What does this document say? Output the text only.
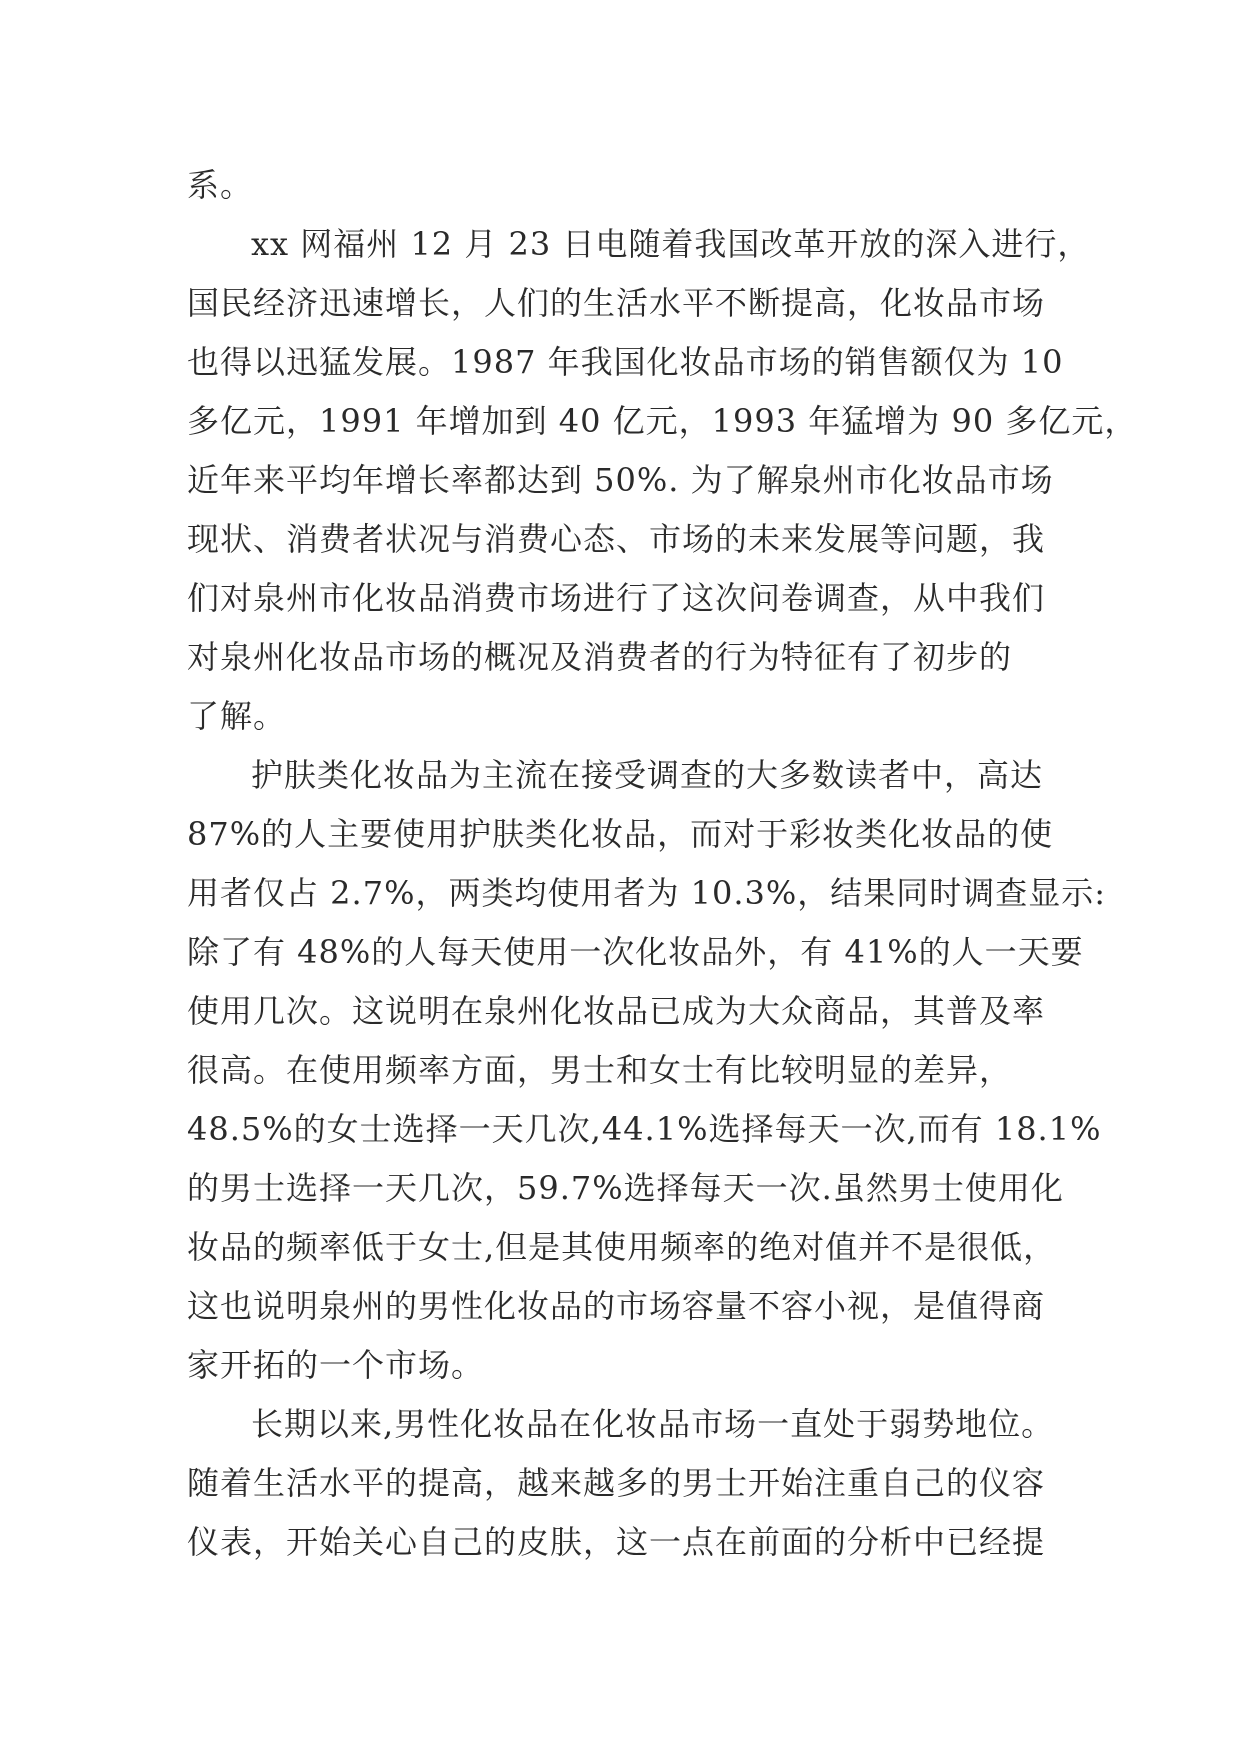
系。
xx 网福州 12 月 23 日电随着我国改革开放的深入进行，
国民经济迅速增长，人们的生活水平不断提高，化妆品市场
也得以迅猛发展。1987 年我国化妆品市场的销售额仅为 10
多亿元，1991 年增加到 40 亿元，1993 年猛增为 90 多亿元，
近年来平均年增长率都达到 50%. 为了解泉州市化妆品市场
现状、消费者状况与消费心态、市场的未来发展等问题，我
们对泉州市化妆品消费市场进行了这次问卷调查，从中我们
对泉州化妆品市场的概况及消费者的行为特征有了初步的
了解。
护肤类化妆品为主流在接受调查的大多数读者中，高达
87%的人主要使用护肤类化妆品，而对于彩妆类化妆品的使
用者仅占 2.7%，两类均使用者为 10.3%，结果同时调查显示:
除了有 48%的人每天使用一次化妆品外，有 41%的人一天要
使用几次。这说明在泉州化妆品已成为大众商品，其普及率
很高。在使用频率方面，男士和女士有比较明显的差异，
48.5%的女士选择一天几次,44.1%选择每天一次,而有 18.1%
的男士选择一天几次，59.7%选择每天一次.虽然男士使用化
妆品的频率低于女士,但是其使用频率的绝对值并不是很低，
这也说明泉州的男性化妆品的市场容量不容小视，是值得商
家开拓的一个市场。
长期以来,男性化妆品在化妆品市场一直处于弱势地位。
随着生活水平的提高，越来越多的男士开始注重自己的仪容
仪表，开始关心自己的皮肤，这一点在前面的分析中已经提
